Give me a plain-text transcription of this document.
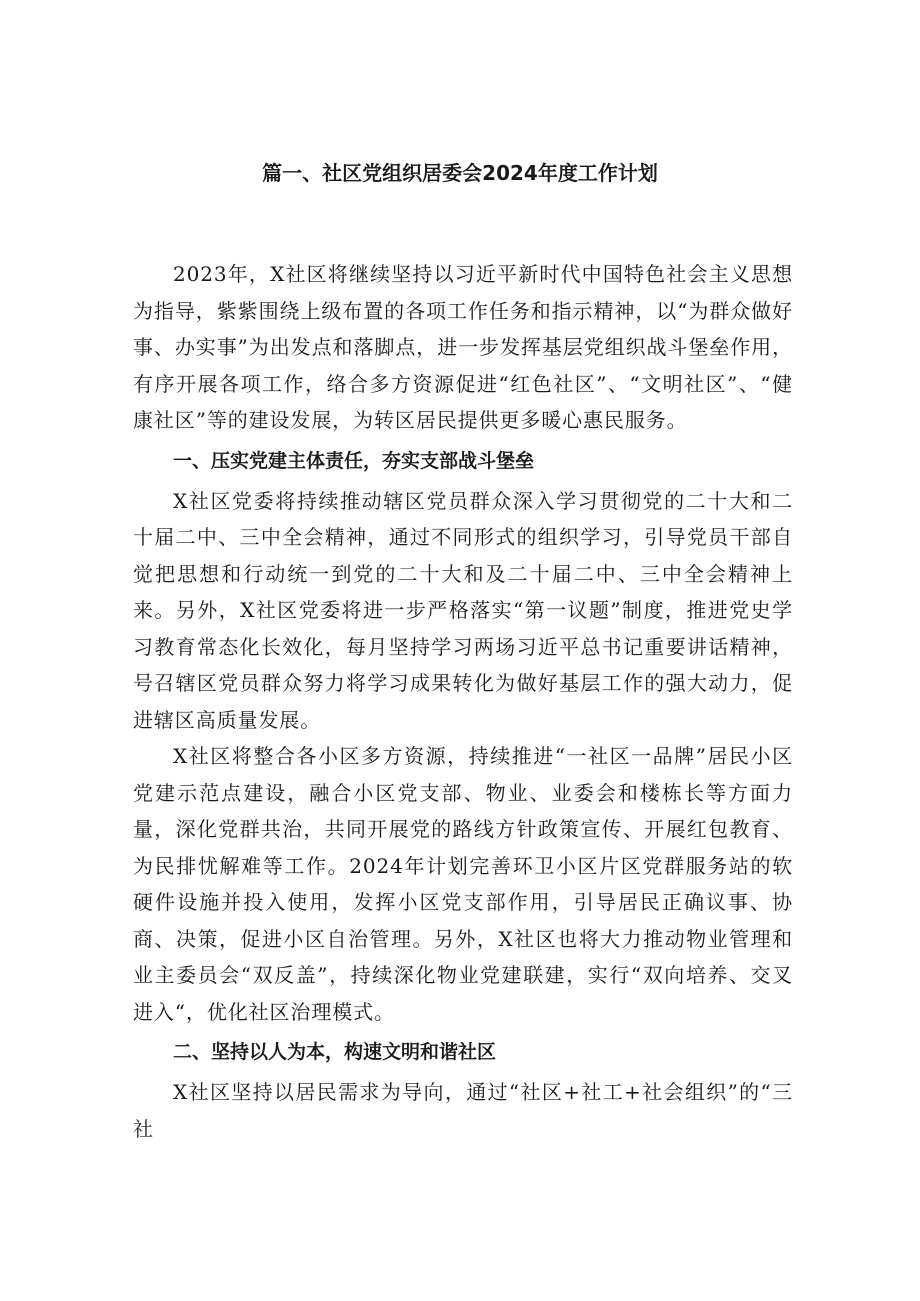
篇一、社区党组织居委会2024年度工作计划

2023年，X社区将继续坚持以习近平新时代中国特色社会主义思想为指导，紫紫围绕上级布置的各项工作任务和指示精神，以“为群众做好事、办实事”为出发点和落脚点，进一步发挥基层党组织战斗堡垒作用，有序开展各项工作，络合多方资源促进“红色社区”、“文明社区”、“健康社区”等的建设发展，为转区居民提供更多暖心惠民服务。

一、压实党建主体责任，夯实支部战斗堡垒

X社区党委将持续推动辖区党员群众深入学习贯彻党的二十大和二十届二中、三中全会精神，通过不同形式的组织学习，引导党员干部自觉把思想和行动统一到党的二十大和及二十届二中、三中全会精神上来。另外，X社区党委将进一步严格落实“第一议题”制度，推进党史学习教育常态化长效化，每月坚持学习两场习近平总书记重要讲话精神，号召辖区党员群众努力将学习成果转化为做好基层工作的强大动力，促进辖区高质量发展。

X社区将整合各小区多方资源，持续推进“一社区一品牌”居民小区党建示范点建设，融合小区党支部、物业、业委会和楼栋长等方面力量，深化党群共治，共同开展党的路线方针政策宣传、开展红包教育、为民排忧解难等工作。2024年计划完善环卫小区片区党群服务站的软硬件设施并投入使用，发挥小区党支部作用，引导居民正确议事、协商、决策，促进小区自治管理。另外，X社区也将大力推动物业管理和业主委员会“双反盖”，持续深化物业党建联建，实行“双向培养、交叉进入“，优化社区治理模式。

二、坚持以人为本，构速文明和谐社区

X社区坚持以居民需求为导向，通过“社区+社工+社会组织”的“三社
